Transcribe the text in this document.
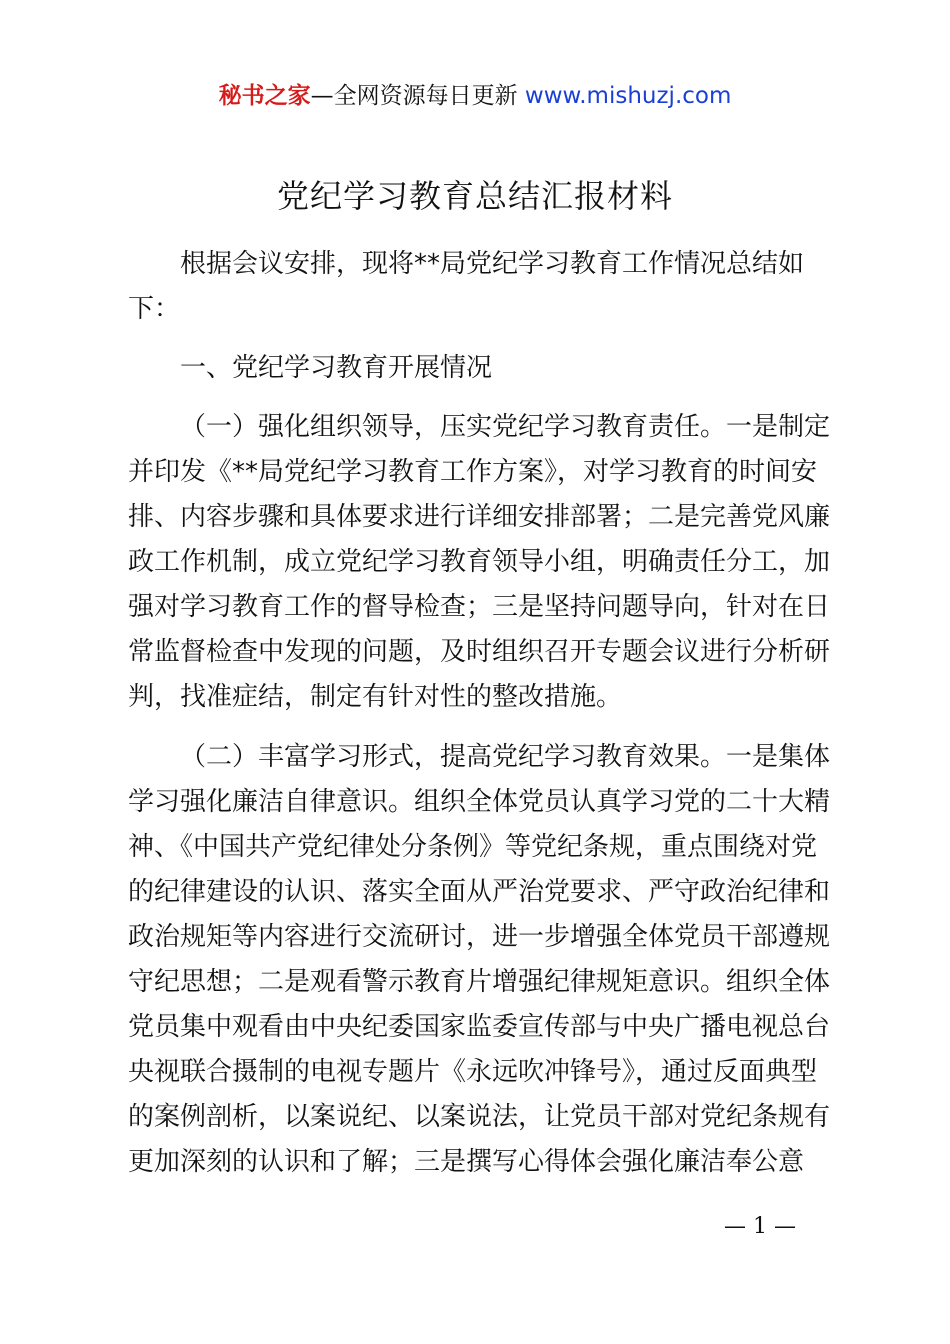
秘书之家—全网资源每日更新 www.mishuzj.com
党纪学习教育总结汇报材料
根据会议安排，现将**局党纪学习教育工作情况总结如
下：
一、党纪学习教育开展情况
（一）强化组织领导，压实党纪学习教育责任。一是制定
并印发《**局党纪学习教育工作方案》，对学习教育的时间安
排、内容步骤和具体要求进行详细安排部署；二是完善党风廉
政工作机制，成立党纪学习教育领导小组，明确责任分工，加
强对学习教育工作的督导检查；三是坚持问题导向，针对在日
常监督检查中发现的问题，及时组织召开专题会议进行分析研
判，找准症结，制定有针对性的整改措施。
（二）丰富学习形式，提高党纪学习教育效果。一是集体
学习强化廉洁自律意识。组织全体党员认真学习党的二十大精
神、《中国共产党纪律处分条例》等党纪条规，重点围绕对党
的纪律建设的认识、落实全面从严治党要求、严守政治纪律和
政治规矩等内容进行交流研讨，进一步增强全体党员干部遵规
守纪思想；二是观看警示教育片增强纪律规矩意识。组织全体
党员集中观看由中央纪委国家监委宣传部与中央广播电视总台
央视联合摄制的电视专题片《永远吹冲锋号》，通过反面典型
的案例剖析，以案说纪、以案说法，让党员干部对党纪条规有
更加深刻的认识和了解；三是撰写心得体会强化廉洁奉公意
— 1 —
